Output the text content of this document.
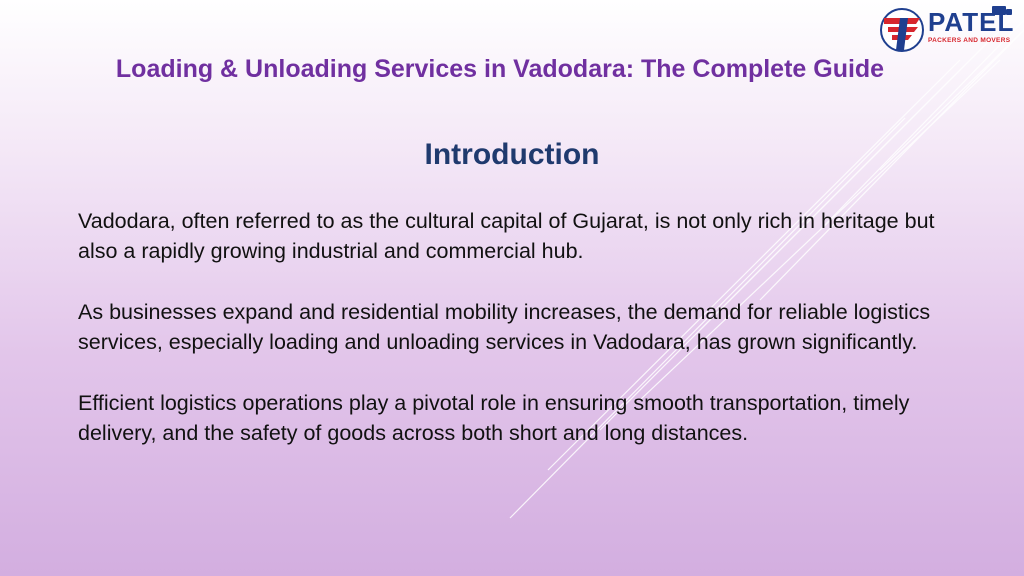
PATEL
PACKERS AND MOVERS
Loading & Unloading Services in Vadodara: The Complete Guide
Introduction

Vadodara, often referred to as the cultural capital of Gujarat, is not only rich in heritage but also a rapidly growing industrial and commercial hub.

As businesses expand and residential mobility increases, the demand for reliable logistics services, especially loading and unloading services in Vadodara, has grown significantly.

Efficient logistics operations play a pivotal role in ensuring smooth transportation, timely delivery, and the safety of goods across both short and long distances.
